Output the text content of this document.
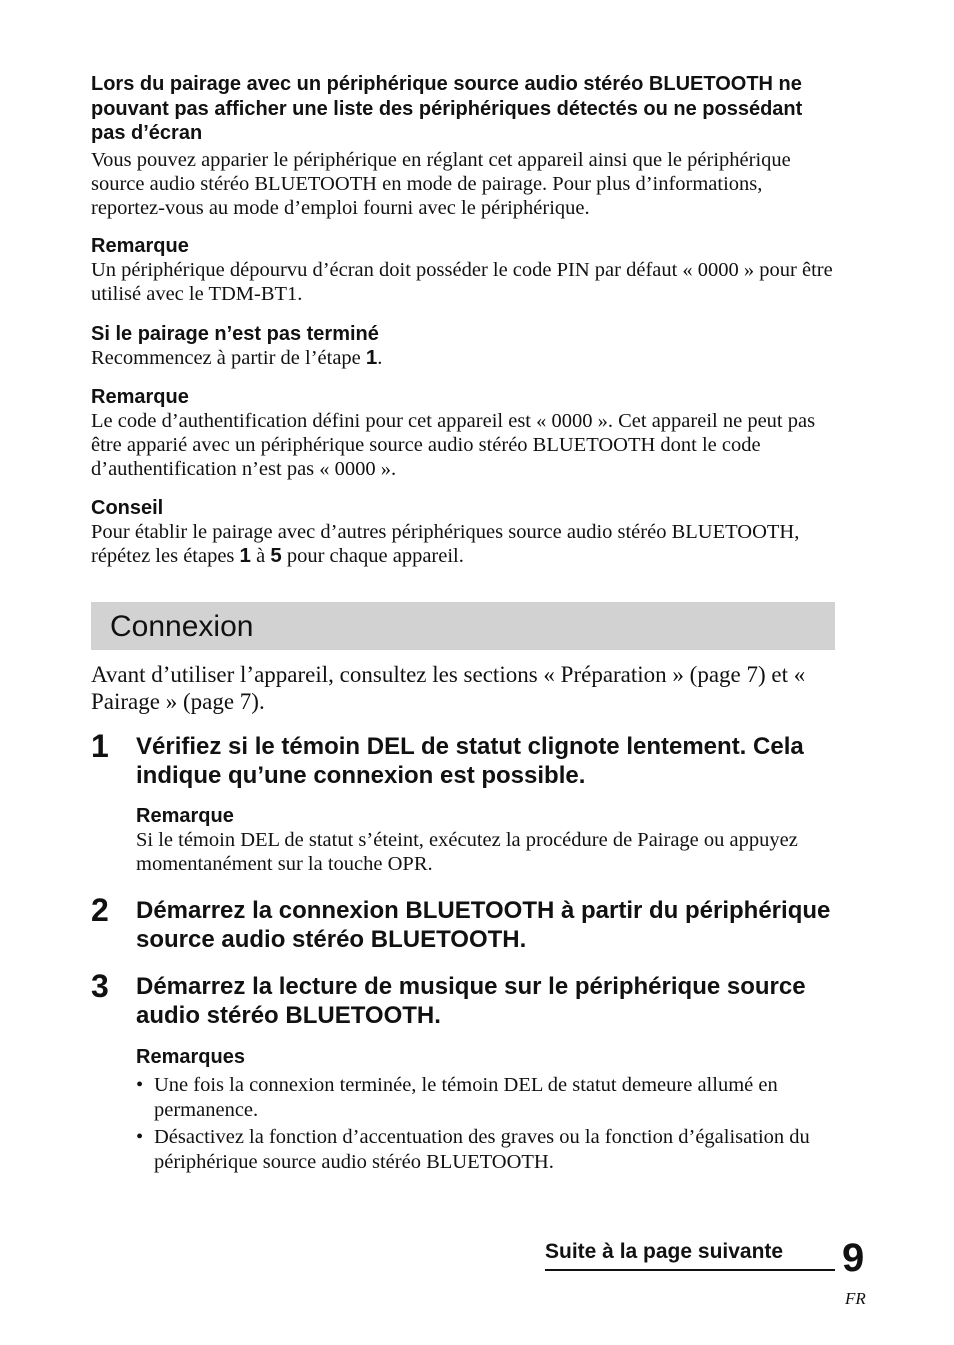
Lors du pairage avec un périphérique source audio stéréo BLUETOOTH ne pouvant pas afficher une liste des périphériques détectés ou ne possédant pas d’écran
Vous pouvez apparier le périphérique en réglant cet appareil ainsi que le périphérique source audio stéréo BLUETOOTH en mode de pairage. Pour plus d’informations, reportez-vous au mode d’emploi fourni avec le périphérique.
Remarque
Un périphérique dépourvu d’écran doit posséder le code PIN par défaut « 0000 » pour être utilisé avec le TDM-BT1.
Si le pairage n’est pas terminé
Recommencez à partir de l’étape 1.
Remarque
Le code d’authentification défini pour cet appareil est « 0000 ». Cet appareil ne peut pas être apparié avec un périphérique source audio stéréo BLUETOOTH dont le code d’authentification n’est pas « 0000 ».
Conseil
Pour établir le pairage avec d’autres périphériques source audio stéréo BLUETOOTH, répétez les étapes 1 à 5 pour chaque appareil.
Connexion
Avant d’utiliser l’appareil, consultez les sections « Préparation » (page 7) et « Pairage » (page 7).
1 Vérifiez si le témoin DEL de statut clignote lentement. Cela indique qu’une connexion est possible.
Remarque
Si le témoin DEL de statut s’éteint, exécutez la procédure de Pairage ou appuyez momentanément sur la touche OPR.
2 Démarrez la connexion BLUETOOTH à partir du périphérique source audio stéréo BLUETOOTH.
3 Démarrez la lecture de musique sur le périphérique source audio stéréo BLUETOOTH.
Remarques
• Une fois la connexion terminée, le témoin DEL de statut demeure allumé en permanence.
• Désactivez la fonction d’accentuation des graves ou la fonction d’égalisation du périphérique source audio stéréo BLUETOOTH.
Suite à la page suivante 9
FR
